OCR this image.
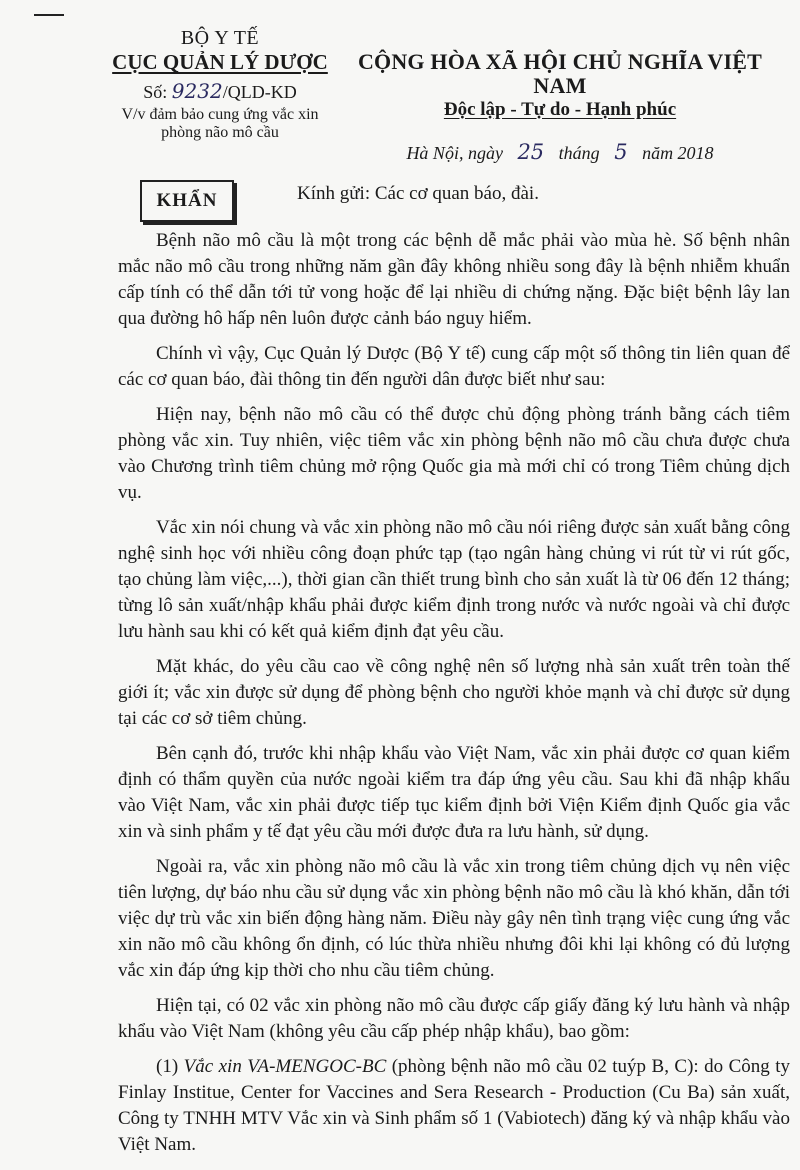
BỘ Y TẾ
CỤC QUẢN LÝ DƯỢC
Số: 9232/QLD-KD
V/v đảm bảo cung ứng vắc xin
phòng não mô cầu
CỘNG HÒA XÃ HỘI CHỦ NGHĨA VIỆT NAM
Độc lập - Tự do - Hạnh phúc
Hà Nội, ngày 25 tháng 5 năm 2018
KHẨN	Kính gửi: Các cơ quan báo, đài.

Bệnh não mô cầu là một trong các bệnh dễ mắc phải vào mùa hè. Số bệnh nhân mắc não mô cầu trong những năm gần đây không nhiều song đây là bệnh nhiễm khuẩn cấp tính có thể dẫn tới tử vong hoặc để lại nhiều di chứng nặng. Đặc biệt bệnh lây lan qua đường hô hấp nên luôn được cảnh báo nguy hiểm.

Chính vì vậy, Cục Quản lý Dược (Bộ Y tế) cung cấp một số thông tin liên quan để các cơ quan báo, đài thông tin đến người dân được biết như sau:

Hiện nay, bệnh não mô cầu có thể được chủ động phòng tránh bằng cách tiêm phòng vắc xin. Tuy nhiên, việc tiêm vắc xin phòng bệnh não mô cầu chưa được chưa vào Chương trình tiêm chủng mở rộng Quốc gia mà mới chỉ có trong Tiêm chủng dịch vụ.

Vắc xin nói chung và vắc xin phòng não mô cầu nói riêng được sản xuất bằng công nghệ sinh học với nhiều công đoạn phức tạp (tạo ngân hàng chủng vi rút từ vi rút gốc, tạo chủng làm việc,...), thời gian cần thiết trung bình cho sản xuất là từ 06 đến 12 tháng; từng lô sản xuất/nhập khẩu phải được kiểm định trong nước và nước ngoài và chỉ được lưu hành sau khi có kết quả kiểm định đạt yêu cầu.

Mặt khác, do yêu cầu cao về công nghệ nên số lượng nhà sản xuất trên toàn thế giới ít; vắc xin được sử dụng để phòng bệnh cho người khỏe mạnh và chỉ được sử dụng tại các cơ sở tiêm chủng.

Bên cạnh đó, trước khi nhập khẩu vào Việt Nam, vắc xin phải được cơ quan kiểm định có thẩm quyền của nước ngoài kiểm tra đáp ứng yêu cầu. Sau khi đã nhập khẩu vào Việt Nam, vắc xin phải được tiếp tục kiểm định bởi Viện Kiểm định Quốc gia vắc xin và sinh phẩm y tế đạt yêu cầu mới được đưa ra lưu hành, sử dụng.

Ngoài ra, vắc xin phòng não mô cầu là vắc xin trong tiêm chủng dịch vụ nên việc tiên lượng, dự báo nhu cầu sử dụng vắc xin phòng bệnh não mô cầu là khó khăn, dẫn tới việc dự trù vắc xin biến động hàng năm. Điều này gây nên tình trạng việc cung ứng vắc xin não mô cầu không ổn định, có lúc thừa nhiều nhưng đôi khi lại không có đủ lượng vắc xin đáp ứng kịp thời cho nhu cầu tiêm chủng.

Hiện tại, có 02 vắc xin phòng não mô cầu được cấp giấy đăng ký lưu hành và nhập khẩu vào Việt Nam (không yêu cầu cấp phép nhập khẩu), bao gồm:

(1) Vắc xin VA-MENGOC-BC (phòng bệnh não mô cầu 02 tuýp B, C): do Công ty Finlay Institue, Center for Vaccines and Sera Research - Production (Cu Ba) sản xuất, Công ty TNHH MTV Vắc xin và Sinh phẩm số 1 (Vabiotech) đăng ký và nhập khẩu vào Việt Nam.
